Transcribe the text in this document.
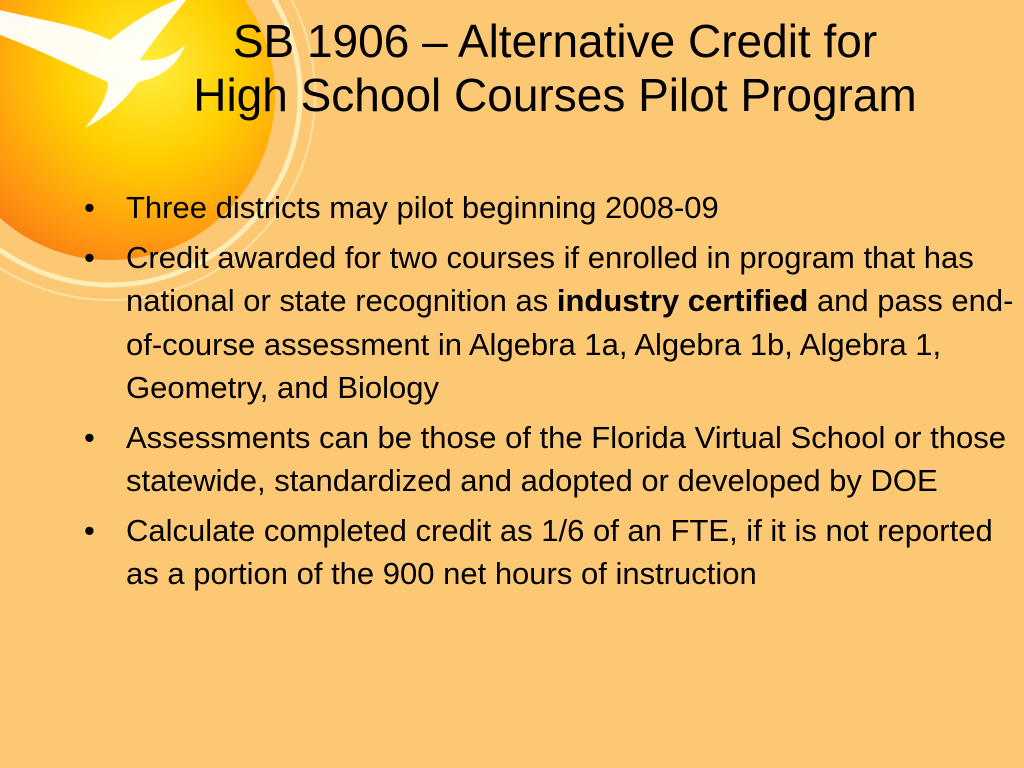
SB 1906 – Alternative Credit for
High School Courses Pilot Program
• Three districts may pilot beginning 2008-09
• Credit awarded for two courses if enrolled in program that has national or state recognition as industry certified and pass end-of-course assessment in Algebra 1a, Algebra 1b, Algebra 1, Geometry, and Biology
• Assessments can be those of the Florida Virtual School or those statewide, standardized and adopted or developed by DOE
• Calculate completed credit as 1/6 of an FTE, if it is not reported as a portion of the 900 net hours of instruction
